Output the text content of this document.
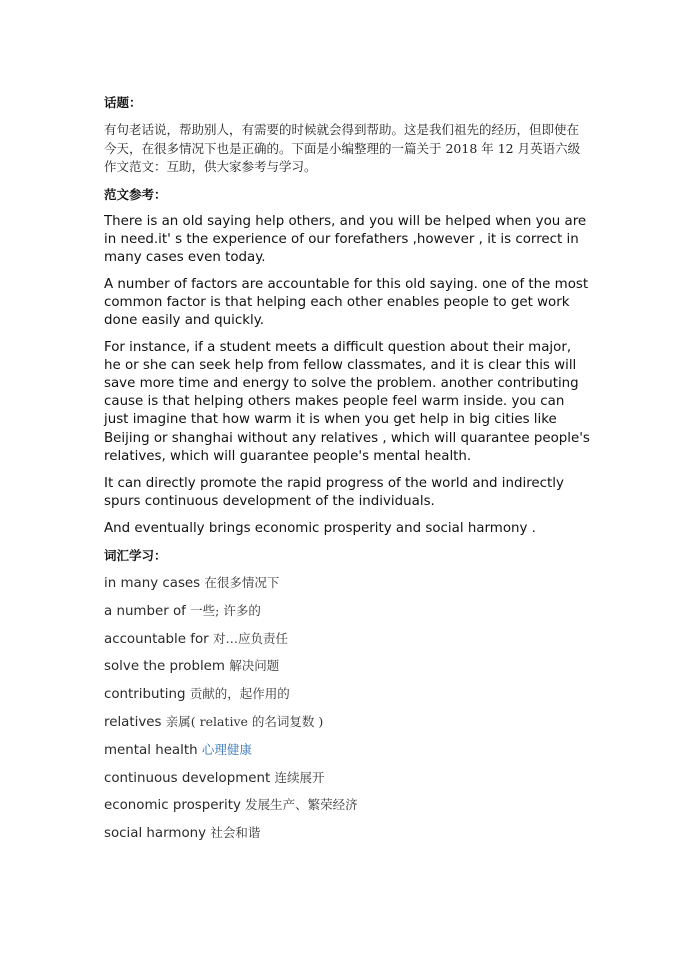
话题：
有句老话说，帮助别人，有需要的时候就会得到帮助。这是我们祖先的经历，但即使在今天，在很多情况下也是正确的。下面是小编整理的一篇关于 2018 年 12 月英语六级作文范文：互助，供大家参考与学习。
范文参考：
There is an old saying help others, and you will be helped when you are in need.it' s the experience of our forefathers ,however , it is correct in many cases even today.
A number of factors are accountable for this old saying. one of the most common factor is that helping each other enables people to get work done easily and quickly.
For instance, if a student meets a difficult question about their major, he or she can seek help from fellow classmates, and it is clear this will save more time and energy to solve the problem. another contributing cause is that helping others makes people feel warm inside. you can just imagine that how warm it is when you get help in big cities like Beijing or shanghai without any relatives , which will quarantee people's relatives, which will guarantee people's mental health.
It can directly promote the rapid progress of the world and indirectly spurs continuous development of the individuals.
And eventually brings economic prosperity and social harmony .
词汇学习：
in many cases 在很多情况下
a number of 一些; 许多的
accountable for 对…应负责任
solve the problem 解决问题
contributing 贡献的，起作用的
relatives 亲属( relative 的名词复数 )
mental health 心理健康
continuous development 连续展开
economic prosperity 发展生产、繁荣经济
social harmony 社会和谐
